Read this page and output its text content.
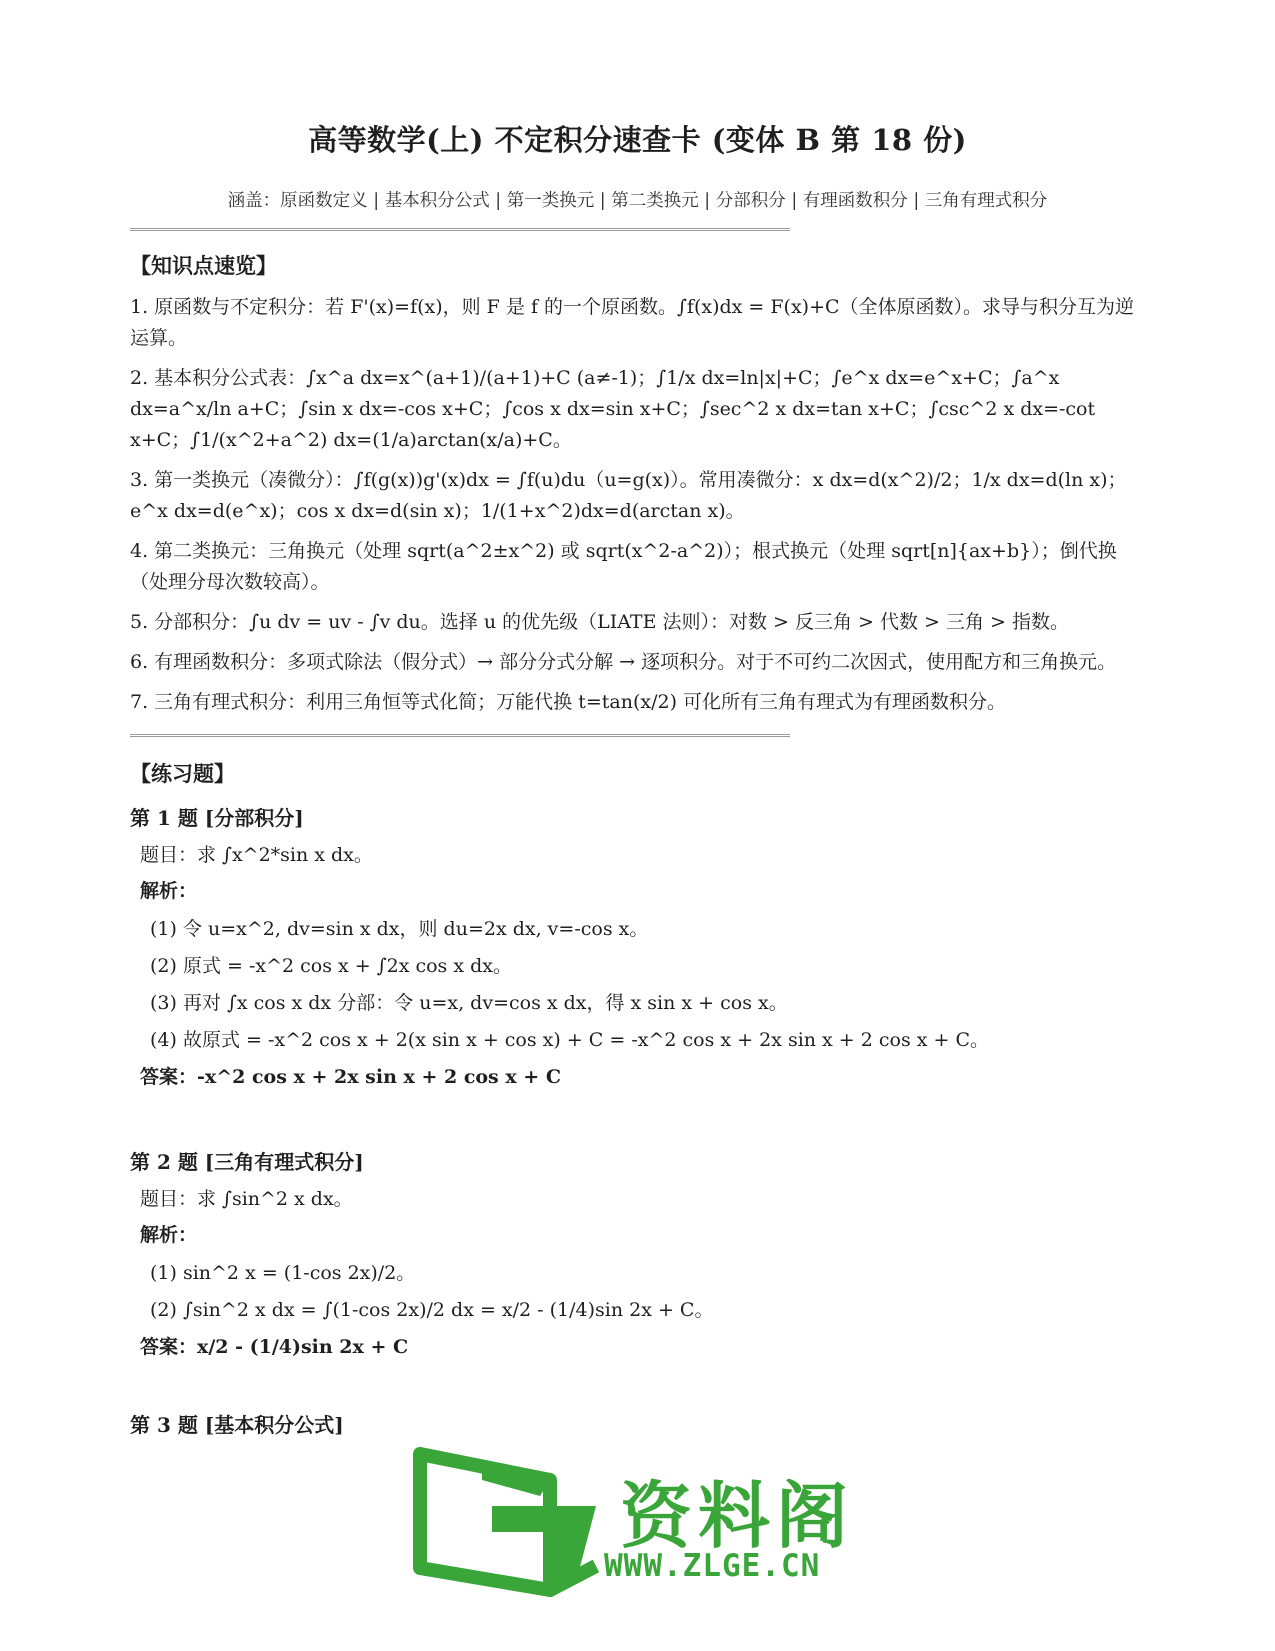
高等数学(上) 不定积分速查卡 (变体 B 第 18 份)
涵盖：原函数定义 | 基本积分公式 | 第一类换元 | 第二类换元 | 分部积分 | 有理函数积分 | 三角有理式积分
【知识点速览】

1. 原函数与不定积分：若 F'(x)=f(x)，则 F 是 f 的一个原函数。∫f(x)dx = F(x)+C（全体原函数）。求导与积分互为逆运算。

2. 基本积分公式表：∫x^a dx=x^(a+1)/(a+1)+C (a≠-1)；∫1/x dx=ln|x|+C；∫e^x dx=e^x+C；∫a^x dx=a^x/ln a+C；∫sin x dx=-cos x+C；∫cos x dx=sin x+C；∫sec^2 x dx=tan x+C；∫csc^2 x dx=-cot x+C；∫1/(x^2+a^2) dx=(1/a)arctan(x/a)+C。

3. 第一类换元（凑微分）：∫f(g(x))g'(x)dx = ∫f(u)du（u=g(x)）。常用凑微分：x dx=d(x^2)/2；1/x dx=d(ln x)；e^x dx=d(e^x)；cos x dx=d(sin x)；1/(1+x^2)dx=d(arctan x)。

4. 第二类换元：三角换元（处理 sqrt(a^2±x^2) 或 sqrt(x^2-a^2)）；根式换元（处理 sqrt[n]{ax+b}）；倒代换（处理分母次数较高）。

5. 分部积分：∫u dv = uv - ∫v du。选择 u 的优先级（LIATE 法则）：对数 > 反三角 > 代数 > 三角 > 指数。

6. 有理函数积分：多项式除法（假分式）→ 部分分式分解 → 逐项积分。对于不可约二次因式，使用配方和三角换元。

7. 三角有理式积分：利用三角恒等式化简；万能代换 t=tan(x/2) 可化所有三角有理式为有理函数积分。

【练习题】

第 1 题 [分部积分]

题目：求 ∫x^2*sin x dx。

解析：

(1) 令 u=x^2, dv=sin x dx，则 du=2x dx, v=-cos x。

(2) 原式 = -x^2 cos x + ∫2x cos x dx。

(3) 再对 ∫x cos x dx 分部：令 u=x, dv=cos x dx，得 x sin x + cos x。

(4) 故原式 = -x^2 cos x + 2(x sin x + cos x) + C = -x^2 cos x + 2x sin x + 2 cos x + C。

答案：-x^2 cos x + 2x sin x + 2 cos x + C

第 2 题 [三角有理式积分]

题目：求 ∫sin^2 x dx。

解析：

(1) sin^2 x = (1-cos 2x)/2。

(2) ∫sin^2 x dx = ∫(1-cos 2x)/2 dx = x/2 - (1/4)sin 2x + C。

答案：x/2 - (1/4)sin 2x + C

第 3 题 [基本积分公式]

资料阁
WWW.ZLGE.CN
